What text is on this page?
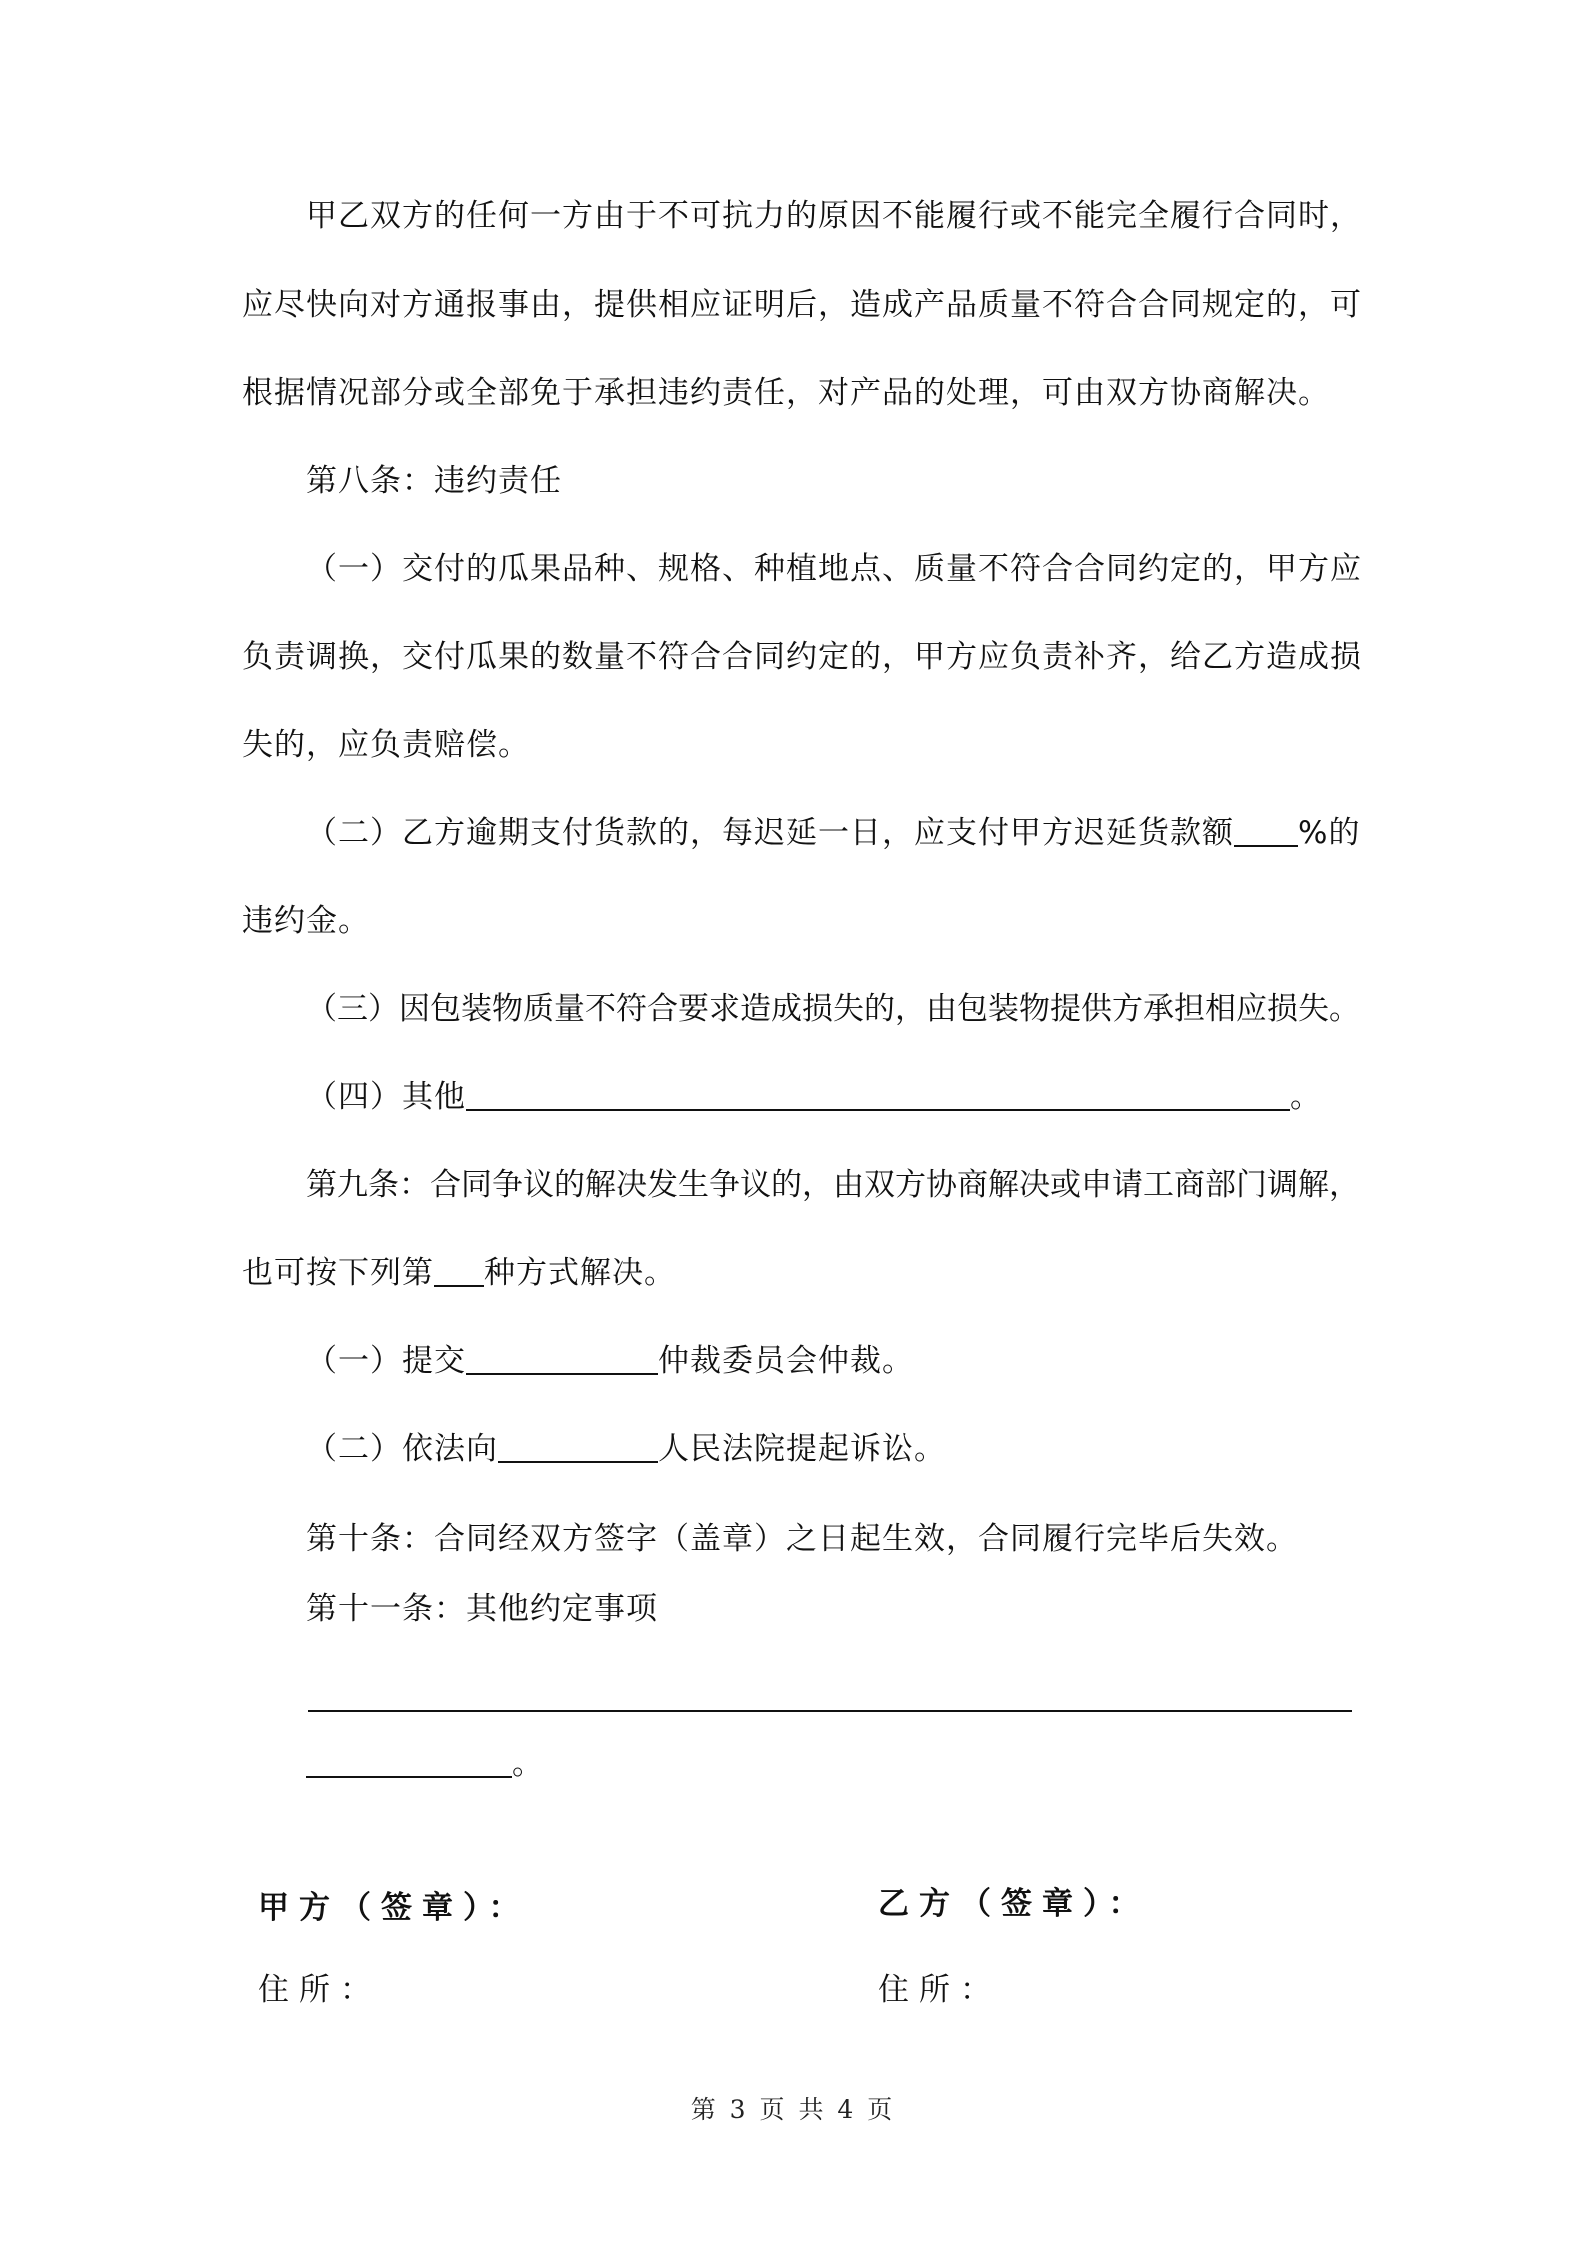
甲乙双方的任何一方由于不可抗力的原因不能履行或不能完全履行合同时，
应尽快向对方通报事由，提供相应证明后，造成产品质量不符合合同规定的，可
根据情况部分或全部免于承担违约责任，对产品的处理，可由双方协商解决。
第八条：违约责任
（一）交付的瓜果品种、规格、种植地点、质量不符合合同约定的，甲方应
负责调换，交付瓜果的数量不符合合同约定的，甲方应负责补齐，给乙方造成损
失的，应负责赔偿。
（二）乙方逾期支付货款的，每迟延一日，应支付甲方迟延货款额 %的
违约金。
（三）因包装物质量不符合要求造成损失的，由包装物提供方承担相应损失。
（四）其他	。
第九条：合同争议的解决发生争议的，由双方协商解决或申请工商部门调解，
也可按下列第 种方式解决。
（一）提交	仲裁委员会仲裁。
（二）依法向	人民法院提起诉讼。
第十条：合同经双方签字（盖章）之日起生效，合同履行完毕后失效。
第十一条：其他约定事项
。
甲方（签章）：	乙方（签章）：
住所：	住所：
第 3 页 共 4 页
